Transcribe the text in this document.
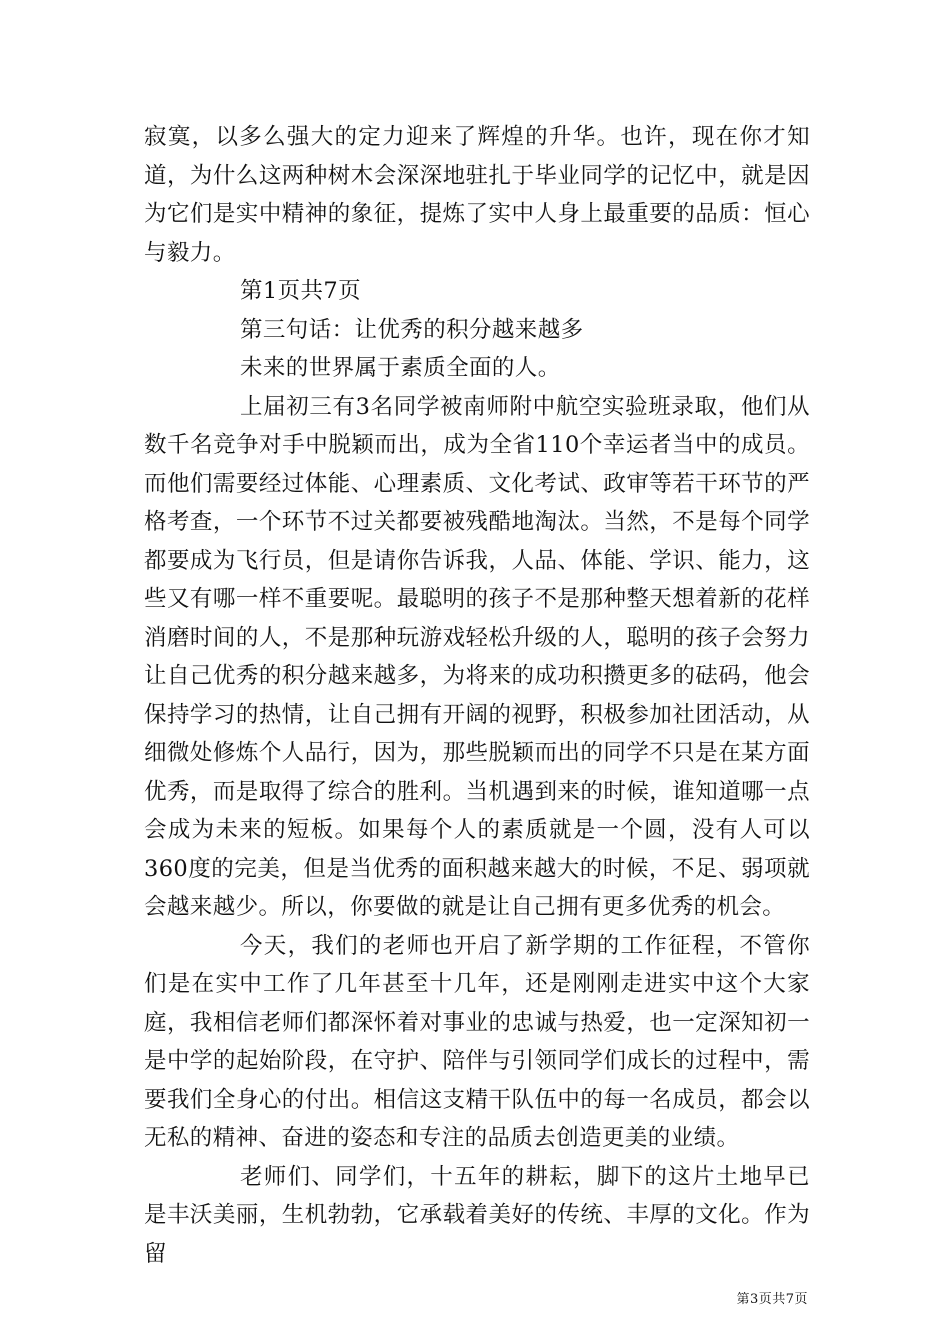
寂寞，以多么强大的定力迎来了辉煌的升华。也许，现在你才知道，为什么这两种树木会深深地驻扎于毕业同学的记忆中，就是因为它们是实中精神的象征，提炼了实中人身上最重要的品质：恒心与毅力。

第1页共7页

第三句话：让优秀的积分越来越多

未来的世界属于素质全面的人。

上届初三有3名同学被南师附中航空实验班录取，他们从数千名竞争对手中脱颖而出，成为全省110个幸运者当中的成员。而他们需要经过体能、心理素质、文化考试、政审等若干环节的严格考查，一个环节不过关都要被残酷地淘汰。当然，不是每个同学都要成为飞行员，但是请你告诉我，人品、体能、学识、能力，这些又有哪一样不重要呢。最聪明的孩子不是那种整天想着新的花样消磨时间的人，不是那种玩游戏轻松升级的人，聪明的孩子会努力让自己优秀的积分越来越多，为将来的成功积攒更多的砝码，他会保持学习的热情，让自己拥有开阔的视野，积极参加社团活动，从细微处修炼个人品行，因为，那些脱颖而出的同学不只是在某方面优秀，而是取得了综合的胜利。当机遇到来的时候，谁知道哪一点会成为未来的短板。如果每个人的素质就是一个圆，没有人可以360度的完美，但是当优秀的面积越来越大的时候，不足、弱项就会越来越少。所以，你要做的就是让自己拥有更多优秀的机会。

今天，我们的老师也开启了新学期的工作征程，不管你们是在实中工作了几年甚至十几年，还是刚刚走进实中这个大家庭，我相信老师们都深怀着对事业的忠诚与热爱，也一定深知初一是中学的起始阶段，在守护、陪伴与引领同学们成长的过程中，需要我们全身心的付出。相信这支精干队伍中的每一名成员，都会以无私的精神、奋进的姿态和专注的品质去创造更美的业绩。

老师们、同学们，十五年的耕耘，脚下的这片土地早已是丰沃美丽，生机勃勃，它承载着美好的传统、丰厚的文化。作为留

第3页共7页
